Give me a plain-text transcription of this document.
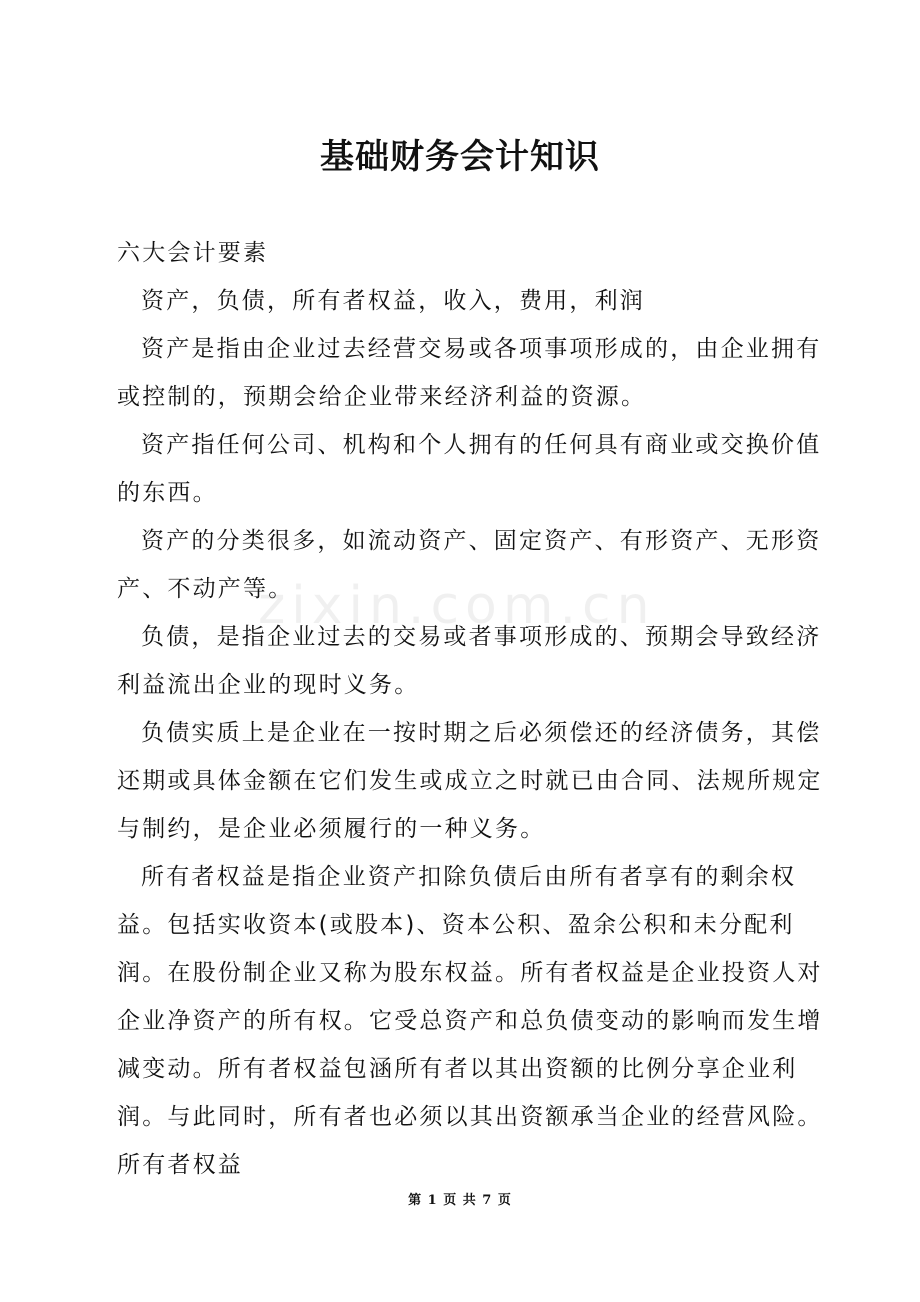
zixin.com.cn
基础财务会计知识

六大会计要素

资产，负债，所有者权益，收入，费用，利润

资产是指由企业过去经营交易或各项事项形成的，由企业拥有或控制的，预期会给企业带来经济利益的资源。

资产指任何公司、机构和个人拥有的任何具有商业或交换价值的东西。

资产的分类很多，如流动资产、固定资产、有形资产、无形资产、不动产等。

负债，是指企业过去的交易或者事项形成的、预期会导致经济利益流出企业的现时义务。

负债实质上是企业在一按时期之后必须偿还的经济债务，其偿还期或具体金额在它们发生或成立之时就已由合同、法规所规定与制约，是企业必须履行的一种义务。

所有者权益是指企业资产扣除负债后由所有者享有的剩余权益。包括实收资本(或股本)、资本公积、盈余公积和未分配利润。在股份制企业又称为股东权益。所有者权益是企业投资人对企业净资产的所有权。它受总资产和总负债变动的影响而发生增减变动。所有者权益包涵所有者以其出资额的比例分享企业利润。与此同时，所有者也必须以其出资额承当企业的经营风险。所有者权益

第 1 页 共 7 页
